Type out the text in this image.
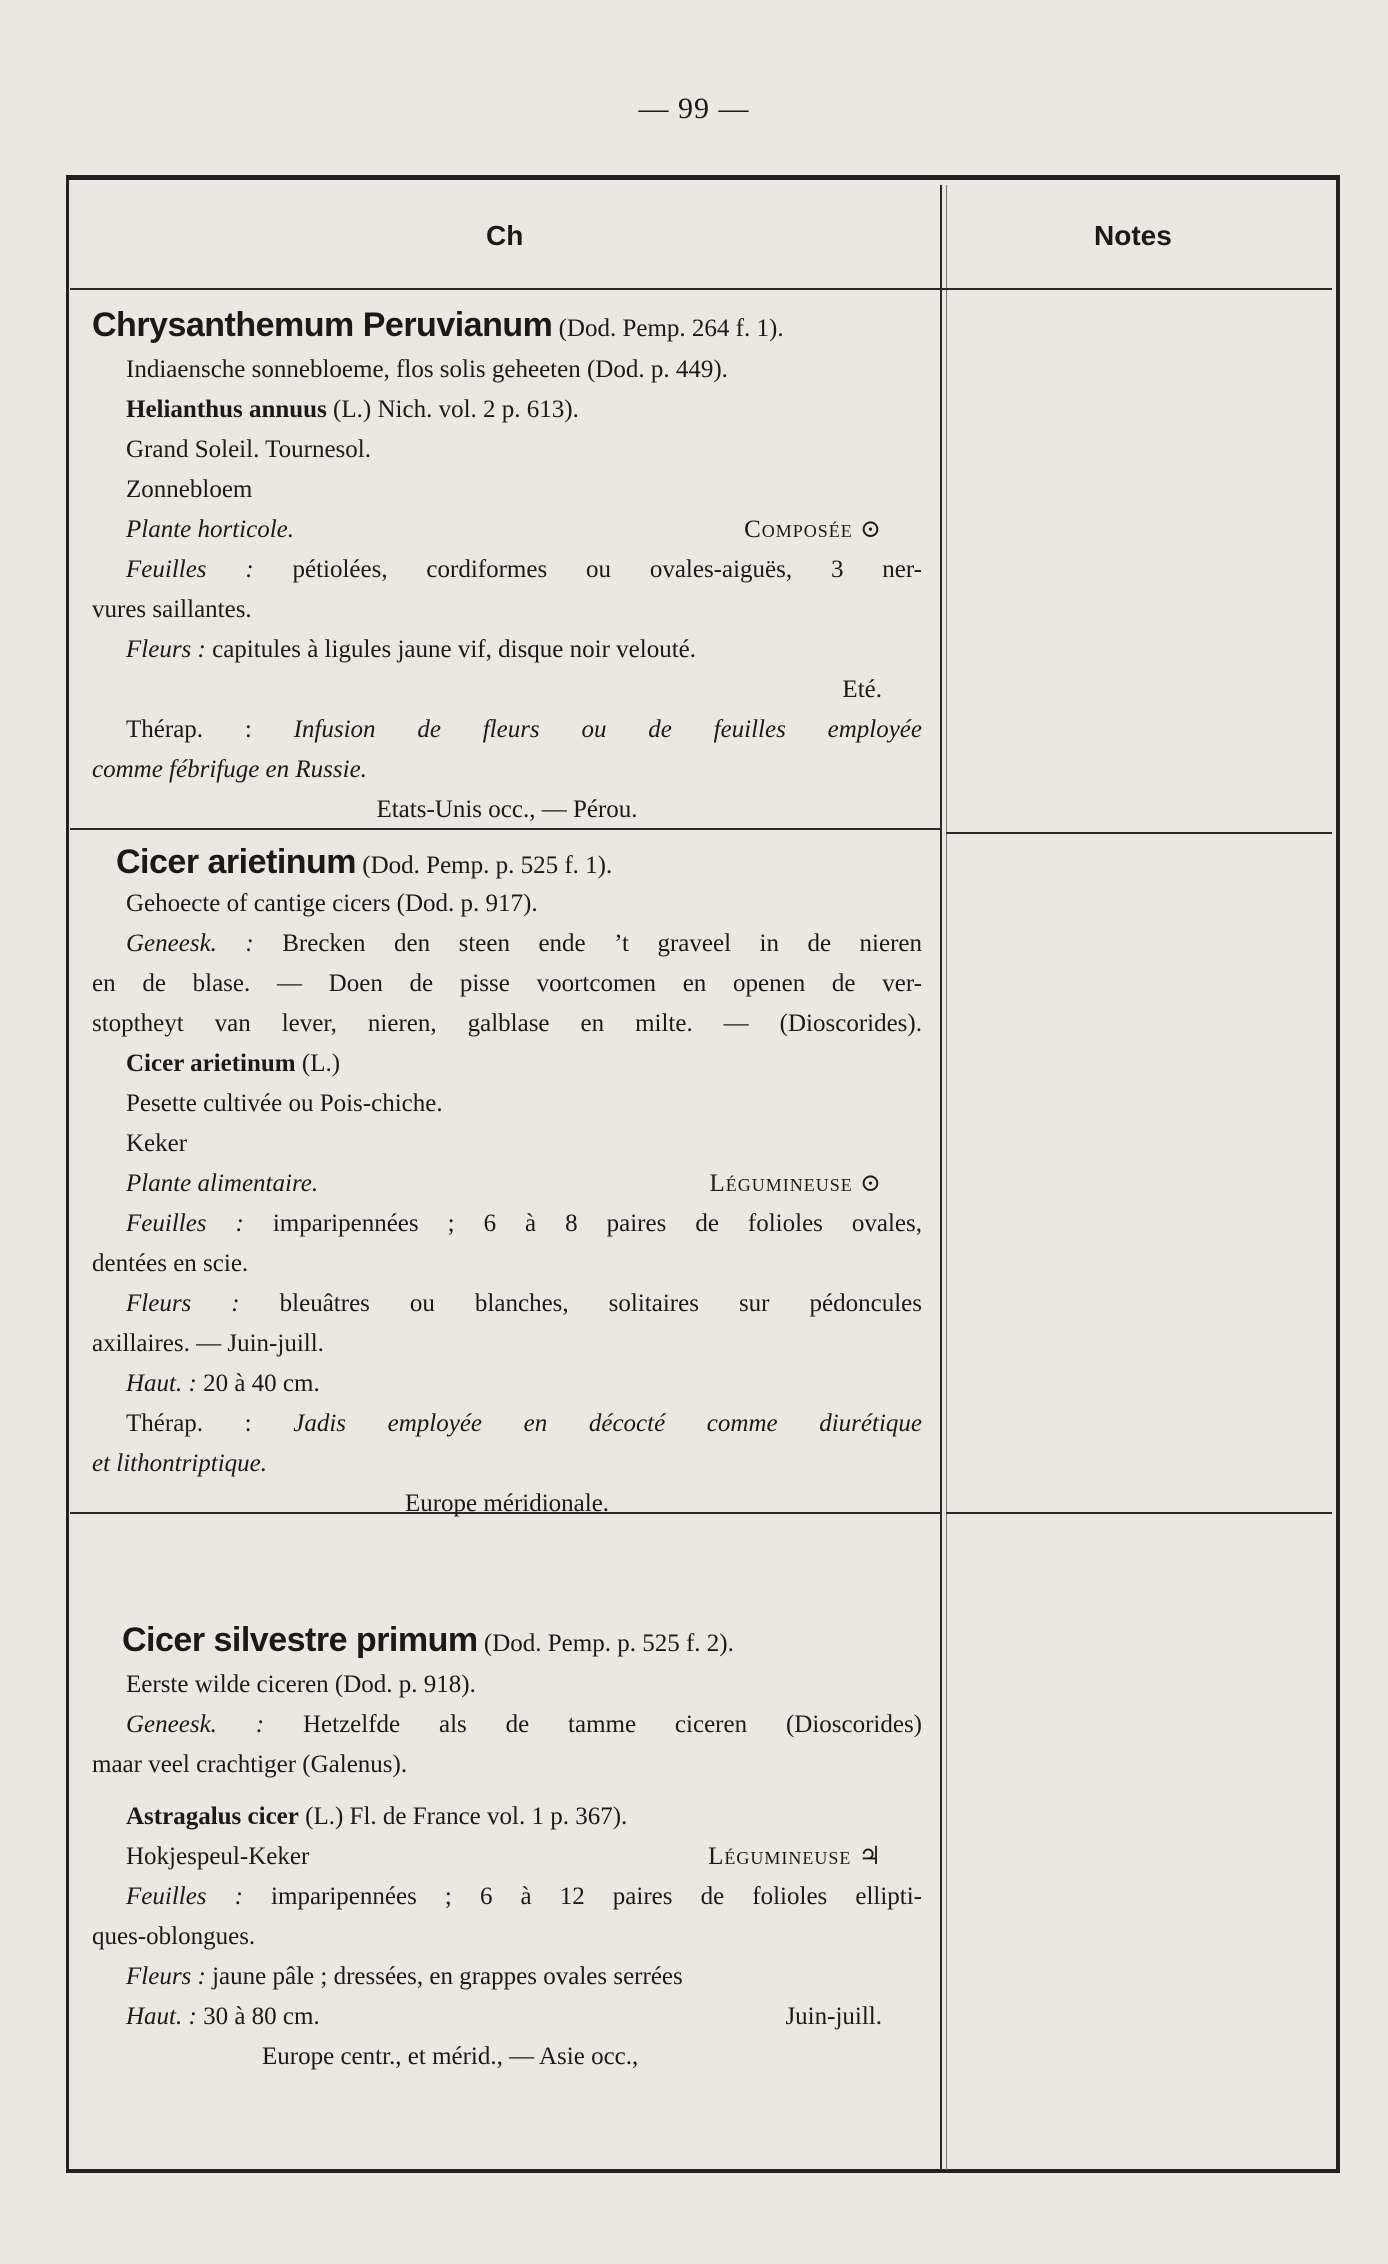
— 99 —
Ch	Notes
Chrysanthemum Peruvianum (Dod. Pemp. 264 f. 1).
Indiaensche sonnebloeme, flos solis geheeten (Dod. p. 449).
Helianthus annuus (L.) Nich. vol. 2 p. 613).
Grand Soleil. Tournesol.
Zonnebloem
Plante horticole.	Composée ⊙
Feuilles : pétiolées, cordiformes ou ovales-aiguës, 3 ner-
vures saillantes.
Fleurs : capitules à ligules jaune vif, disque noir velouté.
Eté.
Thérap. : Infusion de fleurs ou de feuilles employée
comme fébrifuge en Russie.
Etats-Unis occ., — Pérou.
Cicer arietinum (Dod. Pemp. p. 525 f. 1).
Gehoecte of cantige cicers (Dod. p. 917).
Geneesk. : Brecken den steen ende ’t graveel in de nieren
en de blase. — Doen de pisse voortcomen en openen de ver-
stoptheyt van lever, nieren, galblase en milte. — (Dioscorides).
Cicer arietinum (L.)
Pesette cultivée ou Pois-chiche.
Keker
Plante alimentaire.	Légumineuse ⊙
Feuilles : imparipennées ; 6 à 8 paires de folioles ovales,
dentées en scie.
Fleurs : bleuâtres ou blanches, solitaires sur pédoncules
axillaires. — Juin-juill.
Haut. : 20 à 40 cm.
Thérap. : Jadis employée en décocté comme diurétique
et lithontriptique.
Europe méridionale.
Cicer silvestre primum (Dod. Pemp. p. 525 f. 2).
Eerste wilde ciceren (Dod. p. 918).
Geneesk. : Hetzelfde als de tamme ciceren (Dioscorides)
maar veel crachtiger (Galenus).
Astragalus cicer (L.) Fl. de France vol. 1 p. 367).
Hokjespeul-Keker	Légumineuse ♃
Feuilles : imparipennées ; 6 à 12 paires de folioles ellipti-
ques-oblongues.
Fleurs : jaune pâle ; dressées, en grappes ovales serrées
Haut. : 30 à 80 cm.	Juin-juill.
Europe centr., et mérid., — Asie occ.,
